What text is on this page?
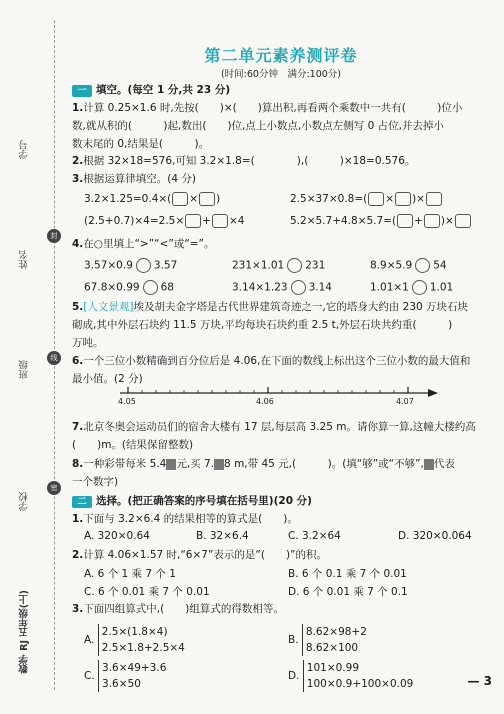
学号
姓名
班级
学校
数学 RJ 五年级(上)
封
线
密
第二单元素养测评卷
(时间:60分钟　满分:100分)
一 填空。(每空 1 分,共 23 分)
1.计算 0.25×1.6 时,先按(　　)×(　　)算出积,再看两个乘数中一共有(　　　)位小
数,就从积的(　　　)起,数出(　　)位,点上小数点,小数点左侧写 0 占位,并去掉小
数末尾的 0,结果是(　　　)。
2.根据 32×18=576,可知 3.2×1.8=(　　　　),(　　　)×18=0.576。
3.根据运算律填空。(4 分)
3.2×1.25=0.4×( × )	2.5×37×0.8=( × )×
(2.5+0.7)×4=2.5× + ×4	5.2×5.7+4.8×5.7=( + )×
4.在○里填上“>”“<”或“=”。
3.57×0.9 3.57	231×1.01 231	8.9×5.9 54
67.8×0.99 68	3.14×1.23 3.14	1.01×1 1.01
5.[人文景观]埃及胡夫金字塔是古代世界建筑奇迹之一,它的塔身大约由 230 万块石块
砌成,其中外层石块约 11.5 万块,平均每块石块约重 2.5 t,外层石块共约重(　　　)
万吨。
6.一个三位小数精确到百分位后是 4.06,在下面的数线上标出这个三位小数的最大值和
最小值。(2 分)
4.05	4.06	4.07
7.北京冬奥会运动员们的宿舍大楼有 17 层,每层高 3.25 m。请你算一算,这幢大楼约高
(　　)m。(结果保留整数)
8.一种彩带每米 5.4 元,买 7. 8 m,带 45 元,(　　　)。(填“够”或“不够”, 代表
一个数字)
二 选择。(把正确答案的序号填在括号里)(20 分)
1.下面与 3.2×6.4 的结果相等的算式是(　　)。
A. 320×0.64	B. 32×6.4	C. 3.2×64	D. 320×0.064
2.计算 4.06×1.57 时,“6×7”表示的是“(　　)”的积。
A. 6 个 1 乘 7 个 1	B. 6 个 0.1 乘 7 个 0.01
C. 6 个 0.01 乘 7 个 0.01	D. 6 个 0.01 乘 7 个 0.1
3.下面四组算式中,(　　)组算式的得数相等。
A. 2.5×(1.8×4)
2.5×1.8+2.5×4
B. 8.62×98+2
8.62×100
C. 3.6×49+3.6
3.6×50
D. 101×0.99
100×0.9+100×0.09	— 3
